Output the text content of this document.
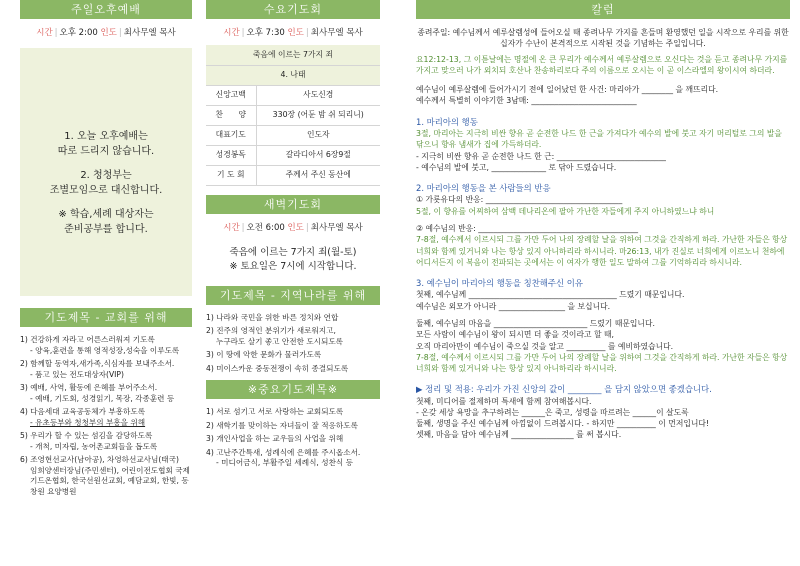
주일오후예배
시간 | 오후 2:00 인도 | 최사무엘 목사

1. 오늘 오후예배는
따로 드리지 않습니다.

2. 청청부는
조별모임으로 대신합니다.

※ 학습,세례 대상자는
준비공부를 합니다.

기도제목 - 교회를 위해
1) 건강하게 자라고 어른스러워져 기도록
- 양육,훈련을 통해 영적성장,성숙을 이루도록
2) 함께할 동역자,새가족,식심자를 보내주소서.
- 품고 있는 전도대상자(VIP)
3) 예배, 사역, 활동에 은혜를 부어주소서.
- 예배, 기도회, 성경읽기, 목장, 각종훈련 등
4) 다음세대 교육공동체가 부흥하도록
- 유초등부와 청청부의 부흥을 위해
5) 우리가 할 수 있는 섬김을 감당하도록
- 개척, 미자립, 농어촌교회들을 돕도록
6) 조영현선교사(남아공), 차영하선교사님(태국)
임희양센터장님(주민센터), 어린이전도협회 국제기드온협회, 한국선원선교회, 예담교회, 한빛, 동창원 요양병원
수요기도회
시간 | 오후 7:30 인도 | 최사무엘 목사
죽음에 이르는 7가지 죄	
4. 나태	
신앙고백	사도신경
찬　　양	330장 (어둔 밤 쉬 되리니)
대표기도	인도자
성경봉독	갈라디아서 6장9절
기 도 회	주께서 주신 동산에
새벽기도회
시간 | 오전 6:00 인도 | 최사무엘 목사
죽음에 이르는 7가지 죄(월-토)
※ 토요일은 7시에 시작합니다.
기도제목 - 지역나라를 위해
1) 나라와 국민을 위한 바른 정치와 연합
2) 진주의 영적인 분위기가 새로워지고,
누구라도 살기 좋고 안전한 도시되도록
3) 이 땅에 악한 문화가 물러가도록
4) 미이스카운 중동전쟁이 속히 종결되도록
※중요기도제목※
1) 서로 섬기고 서로 사랑하는 교회되도록
2) 새학기를 맞이하는 자녀들이 잘 적응하도록
3) 개인사업을 하는 교우들의 사업을 위해
4) 고난주간특새, 성례식에 은혜를 주시옵소서.
- 미디어금식, 부활주일 세례식, 성찬식 등
칼럼
종려주일: 예수님께서 예루살렘성에 들어오실 때 종려나무 가지를 흔들며 환영했던 일을 시작으로 우리를 위한 십자가 수난이 본격적으로 시작된 것을 기념하는 주일입니다.
요12:12-13, 그 이튿날에는 명절에 온 큰 무리가 예수께서 예루살렘으로 오신다는 것을 듣고 종려나무 가지를 가지고 맞으러 나가 외치되 호산나 찬송하리로다 주의 이름으로 오시는 이 곧 이스라엘의 왕이시여 하더라.
예수님이 예루살렘에 들어가시기 전에 일어났던 한 사건: 마리아가 ________ 을 깨뜨리다.
예수께서 특별히 이야기한 3남매: ___________________________
1. 마리아의 행동
3절, 마리아는 지극히 비싼 향유 곧 순전한 나드 한 근을 가져다가 예수의 발에 붓고 자기 머리털로 그의 발을 닦으니 향유 냄새가 집에 가득하더라.
- 지극히 비싼 향유 곧 순전한 나드 한 근: ____________________________
- 예수님의 발에 붓고, ______________ 로 닦아 드렸습니다.
2. 마리아의 행동을 본 사람들의 반응
① 가룟유다의 반응: ___________________________________
5절, 이 향유를 어찌하여 삼백 데나리온에 팔아 가난한 자들에게 주지 아니하였느냐 하니
② 예수님의 반응: _________________________________________
7-8절, 예수께서 이르시되 그를 가만 두어 나의 장례할 날을 위하여 그것을 간직하게 하라. 가난한 자들은 항상 너희와 함께 있거니와 나는 항상 있지 아니하리라 하시니라. 마26:13, 내가 진실로 너희에게 이르노니 천하에 어디서든지 이 복음이 전파되는 곳에서는 이 여자가 행한 일도 말하여 그를 기억하리라 하시니라.
3. 예수님이 마리아의 행동을 칭찬해주신 이유
첫째, 예수님께 ______________________________________ 드렸기 때문입니다.
예수님은 외모가 아니라 _________________ 을 보십니다.
둘째, 예수님의 마음을 ________________________ 드렸기 때문입니다.
모든 사람이 예수님이 왕이 되시면 더 좋을 것이라고 할 때,
오직 마리아만이 예수님이 죽으실 것을 알고 __________ 를 예비하였습니다.
7-8절, 예수께서 이르시되 그를 가만 두어 나의 장례할 날을 위하여 그것을 간직하게 하라. 가난한 자들은 항상 너희와 함께 있거니와 나는 항상 있지 아니하리라 하시니라.
▶ 정리 및 적용: 우리가 가진 신앙의 값이 ________ 을 담지 않았으면 좋겠습니다.
첫째, 미디어를 절제하며 특새에 함께 참여해봅시다.
- 온갖 세상 욕망을 추구하려는 ______은 죽고, 성령을 따르려는 ______이 살도록
둘째, 생명을 주신 예수님께 아낌없이 드려봅시다. - 하지만 __________ 이 먼저입니다!
셋째, 마음을 담아 예수님께 ________________ 를 써 봅시다.
